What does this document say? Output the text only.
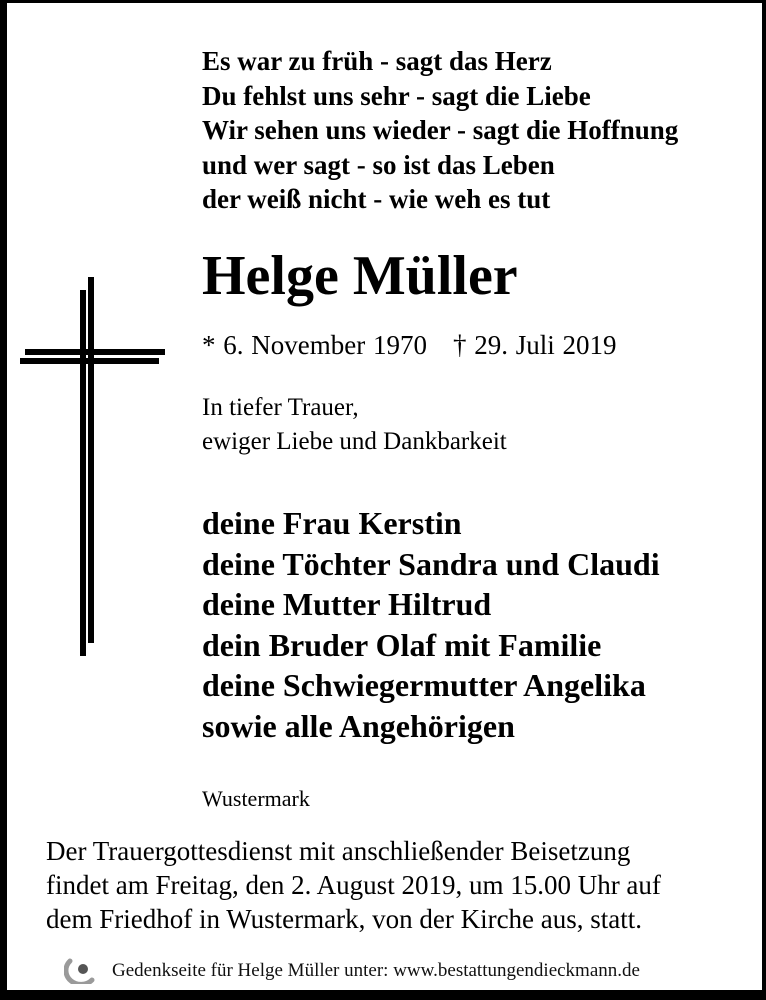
Es war zu früh - sagt das Herz
Du fehlst uns sehr - sagt die Liebe
Wir sehen uns wieder - sagt die Hoffnung
und wer sagt - so ist das Leben
der weiß nicht - wie weh es tut
Helge Müller
* 6. November 1970 † 29. Juli 2019
In tiefer Trauer,
ewiger Liebe und Dankbarkeit
deine Frau Kerstin
deine Töchter Sandra und Claudi
deine Mutter Hiltrud
dein Bruder Olaf mit Familie
deine Schwiegermutter Angelika
sowie alle Angehörigen
Wustermark
Der Trauergottesdienst mit anschließender Beisetzung
findet am Freitag, den 2. August 2019, um 15.00 Uhr auf
dem Friedhof in Wustermark, von der Kirche aus, statt.
Gedenkseite für Helge Müller unter: www.bestattungendieckmann.de
